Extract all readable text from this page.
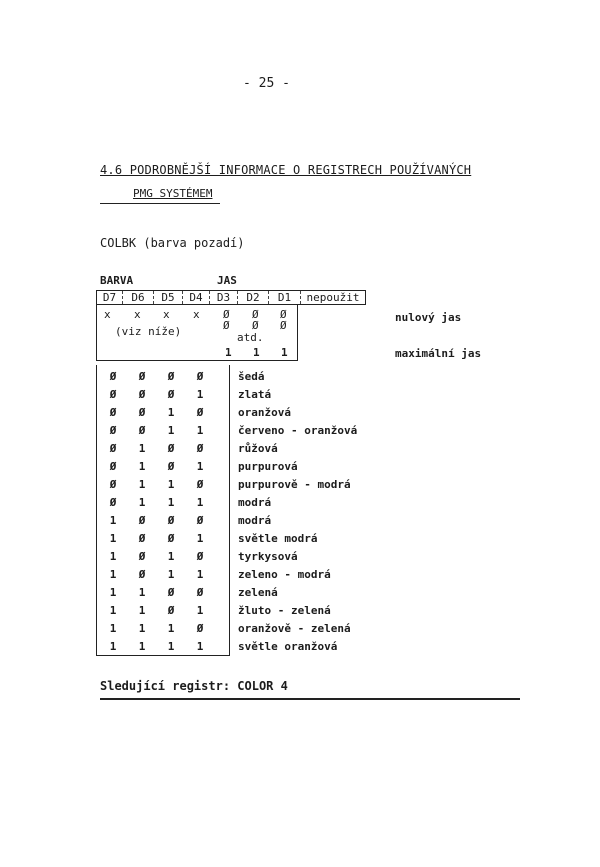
- 25 -
4.6 PODROBNĚJŠÍ INFORMACE O REGISTRECH POUŽÍVANÝCH
PMG SYSTÉMEM
COLBK (barva pozadí)
BARVA	JAS
D7	D6	D5	D4	D3	D2	D1	nepoužit
x x x x
(viz níže)
Ø Ø Ø
Ø Ø Ø
atd.
1 1 1
nulový jas
maximální jas
Ø	Ø	Ø	Ø	šedá
Ø	Ø	Ø	1	zlatá
Ø	Ø	1	Ø	oranžová
Ø	Ø	1	1	červeno - oranžová
Ø	1	Ø	Ø	růžová
Ø	1	Ø	1	purpurová
Ø	1	1	Ø	purpurově - modrá
Ø	1	1	1	modrá
1	Ø	Ø	Ø	modrá
1	Ø	Ø	1	světle modrá
1	Ø	1	Ø	tyrkysová
1	Ø	1	1	zeleno - modrá
1	1	Ø	Ø	zelená
1	1	Ø	1	žluto - zelená
1	1	1	Ø	oranžově - zelená
1	1	1	1	světle oranžová
Sledující registr: COLOR 4
